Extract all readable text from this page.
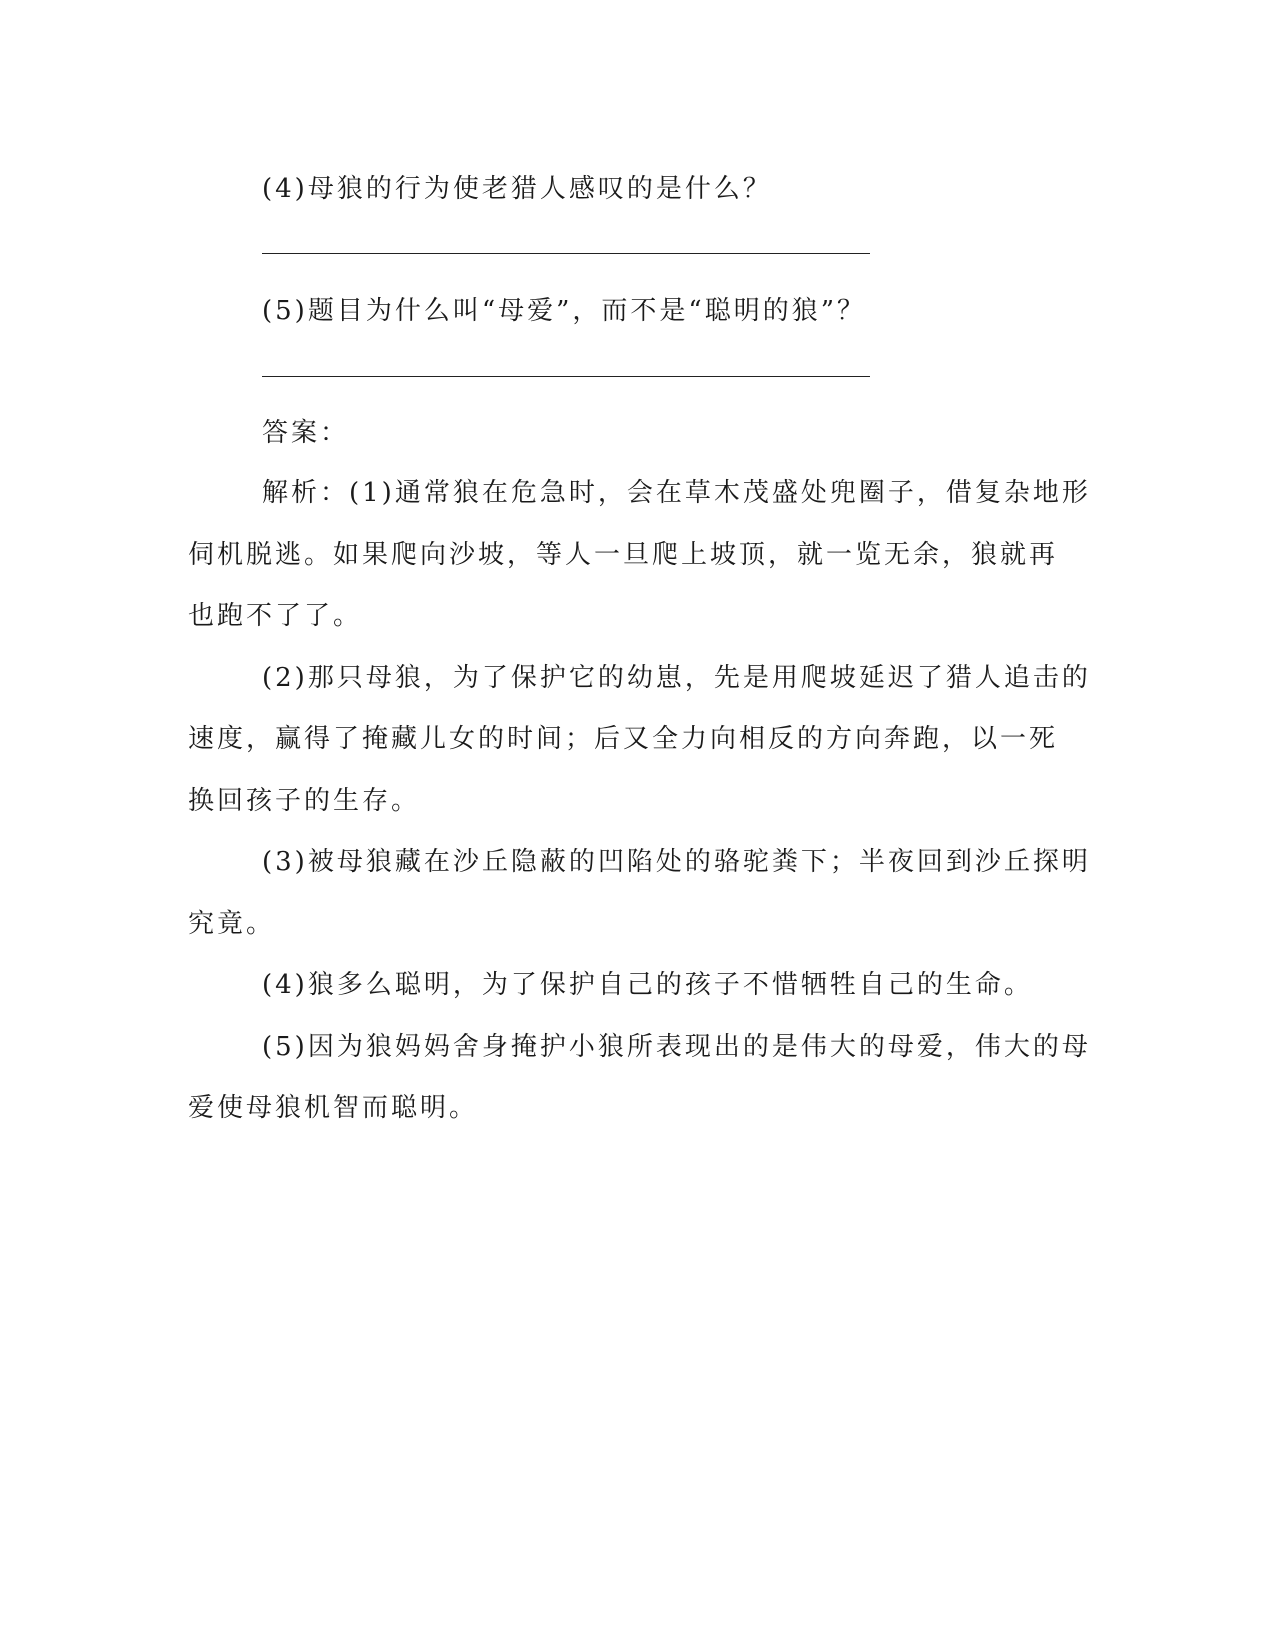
(4)母狼的行为使老猎人感叹的是什么？
(5)题目为什么叫“母爱”，而不是“聪明的狼”？
答案：
解析：(1)通常狼在危急时，会在草木茂盛处兜圈子，借复杂地形
伺机脱逃。如果爬向沙坡，等人一旦爬上坡顶，就一览无余，狼就再
也跑不了了。
(2)那只母狼，为了保护它的幼崽，先是用爬坡延迟了猎人追击的
速度，赢得了掩藏儿女的时间；后又全力向相反的方向奔跑，以一死
换回孩子的生存。
(3)被母狼藏在沙丘隐蔽的凹陷处的骆驼粪下；半夜回到沙丘探明
究竟。
(4)狼多么聪明，为了保护自己的孩子不惜牺牲自己的生命。
(5)因为狼妈妈舍身掩护小狼所表现出的是伟大的母爱，伟大的母
爱使母狼机智而聪明。
